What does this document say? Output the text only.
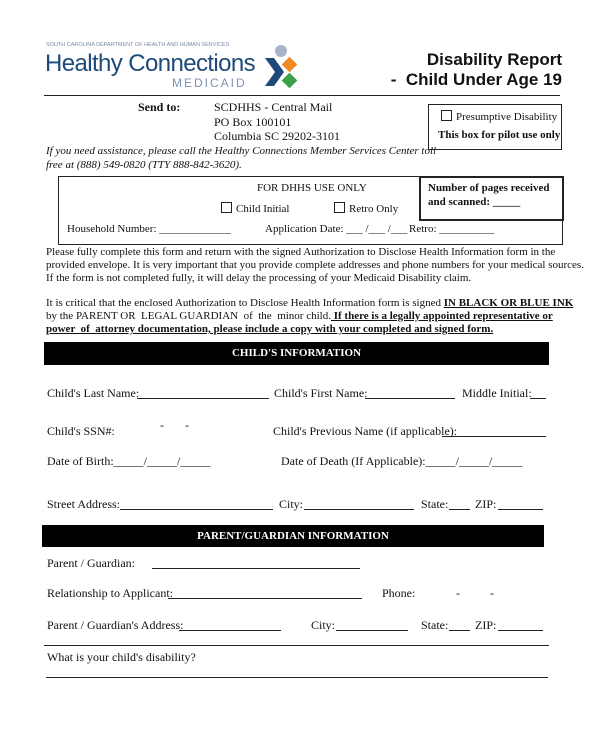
SOUTH CAROLINA DEPARTMENT OF HEALTH AND HUMAN SERVICES
Healthy Connections
MEDICAID
Disability Report
-  Child Under Age 19
Send to:	SCDHHS - Central Mail
PO Box 100101
Columbia SC 29202-3101
Presumptive Disability
This box for pilot use only
If you need assistance, please call the Healthy Connections Member Services Center toll
free at (888) 549-0820 (TTY 888-842-3620).
FOR DHHS USE ONLY
Child Initial	Retro Only
Household Number: _____________	Application Date: ___ /___ /___ Retro: __________
Number of pages received
and scanned: _____
Please fully complete this form and return with the signed Authorization to Disclose Health Information form in the
provided envelope. It is very important that you provide complete addresses and phone numbers for your medical sources.
If the form is not completed fully, it will delay the processing of your Medicaid Disability claim.
It is critical that the enclosed Authorization to Disclose Health Information form is signed IN BLACK OR BLUE INK
by the PARENT OR  LEGAL GUARDIAN  of  the  minor child. If there is a legally appointed representative or
power  of  attorney documentation, please include a copy with your completed and signed form.
CHILD'S INFORMATION
Child's Last Name:	Child's First Name:	Middle Initial:
Child's SSN#:	-       -	Child's Previous Name (if applicable):
Date of Birth:_____/_____/_____	Date of Death (If Applicable):_____/_____/_____
Street Address:	City:	State: ZIP:
PARENT/GUARDIAN INFORMATION
Parent / Guardian:
Relationship to Applicant:	Phone:	-          -
Parent / Guardian's Address:	City:	State: ZIP:
What is your child's disability?
